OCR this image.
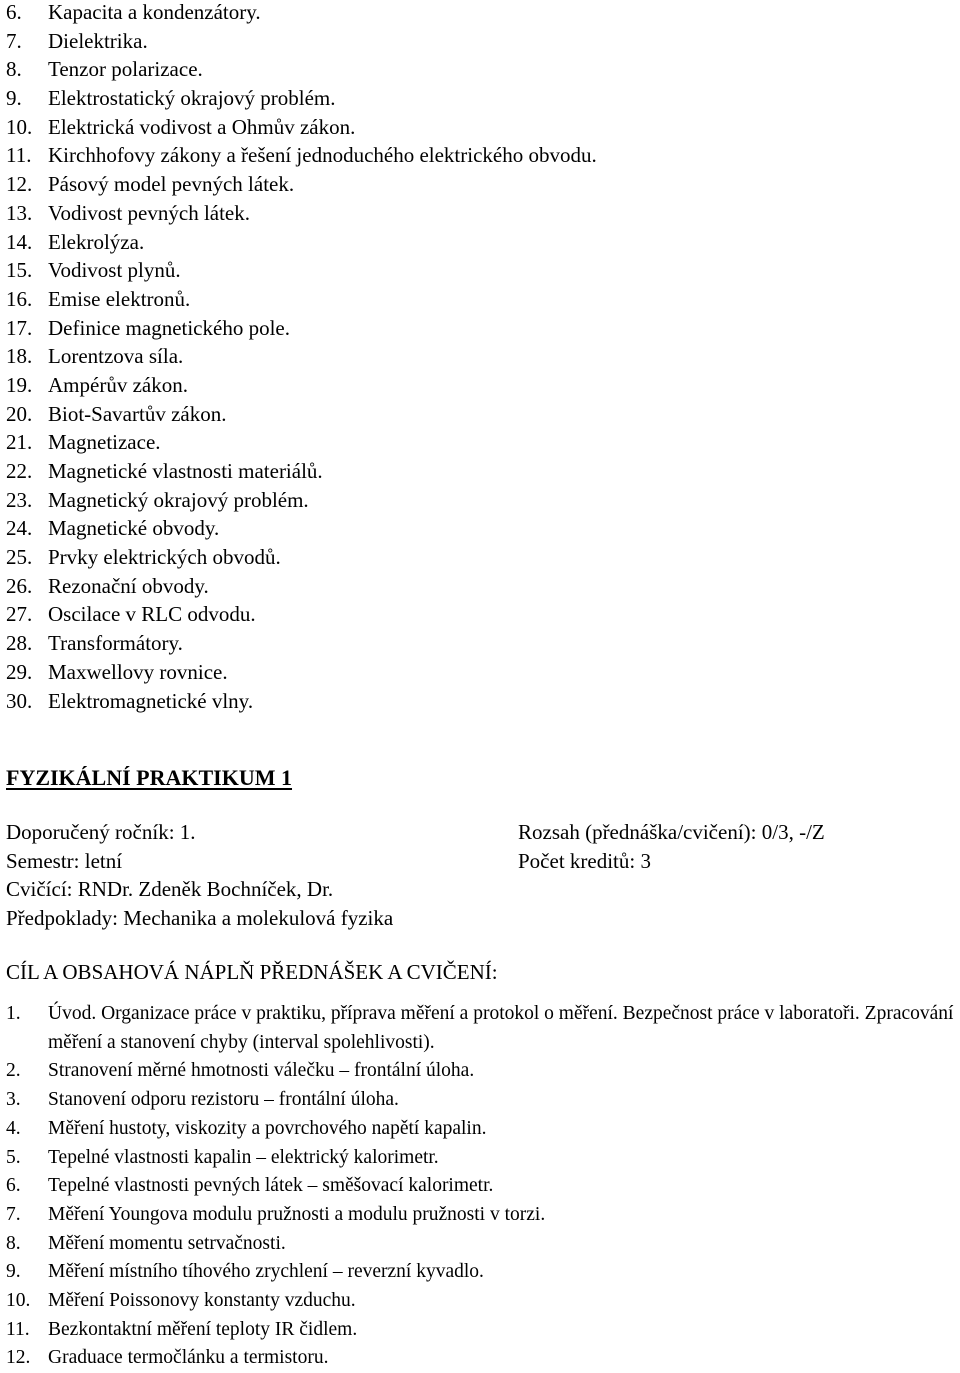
6. Kapacita a kondenzátory.
7. Dielektrika.
8. Tenzor polarizace.
9. Elektrostatický okrajový problém.
10. Elektrická vodivost a Ohmův zákon.
11. Kirchhofovy zákony a řešení jednoduchého elektrického obvodu.
12. Pásový model pevných látek.
13. Vodivost pevných látek.
14. Elekrolýza.
15. Vodivost plynů.
16. Emise elektronů.
17. Definice magnetického pole.
18. Lorentzova síla.
19. Ampérův zákon.
20. Biot-Savartův zákon.
21. Magnetizace.
22. Magnetické vlastnosti materiálů.
23. Magnetický okrajový problém.
24. Magnetické obvody.
25. Prvky elektrických obvodů.
26. Rezonační obvody.
27. Oscilace v RLC odvodu.
28. Transformátory.
29. Maxwellovy rovnice.
30. Elektromagnetické vlny.
FYZIKÁLNÍ PRAKTIKUM 1
Doporučený ročník: 1.	Rozsah (přednáška/cvičení): 0/3, -/Z
Semestr: letní	Počet kreditů: 3
Cvičící: RNDr. Zdeněk Bochníček, Dr.
Předpoklady: Mechanika a molekulová fyzika
CÍL A OBSAHOVÁ NÁPLŇ PŘEDNÁŠEK A CVIČENÍ:
1. Úvod. Organizace práce v praktiku, příprava měření a protokol o měření. Bezpečnost práce v laboratoři. Zpracování měření a stanovení chyby (interval spolehlivosti).
2. Stranovení měrné hmotnosti válečku – frontální úloha.
3. Stanovení odporu rezistoru – frontální úloha.
4. Měření hustoty, viskozity a povrchového napětí kapalin.
5. Tepelné vlastnosti kapalin – elektrický kalorimetr.
6. Tepelné vlastnosti pevných látek – směšovací kalorimetr.
7. Měření Youngova modulu pružnosti a modulu pružnosti v torzi.
8. Měření momentu setrvačnosti.
9. Měření místního tíhového zrychlení – reverzní kyvadlo.
10. Měření Poissonovy konstanty vzduchu.
11. Bezkontaktní měření teploty IR čidlem.
12. Graduace termočlánku a termistoru.
